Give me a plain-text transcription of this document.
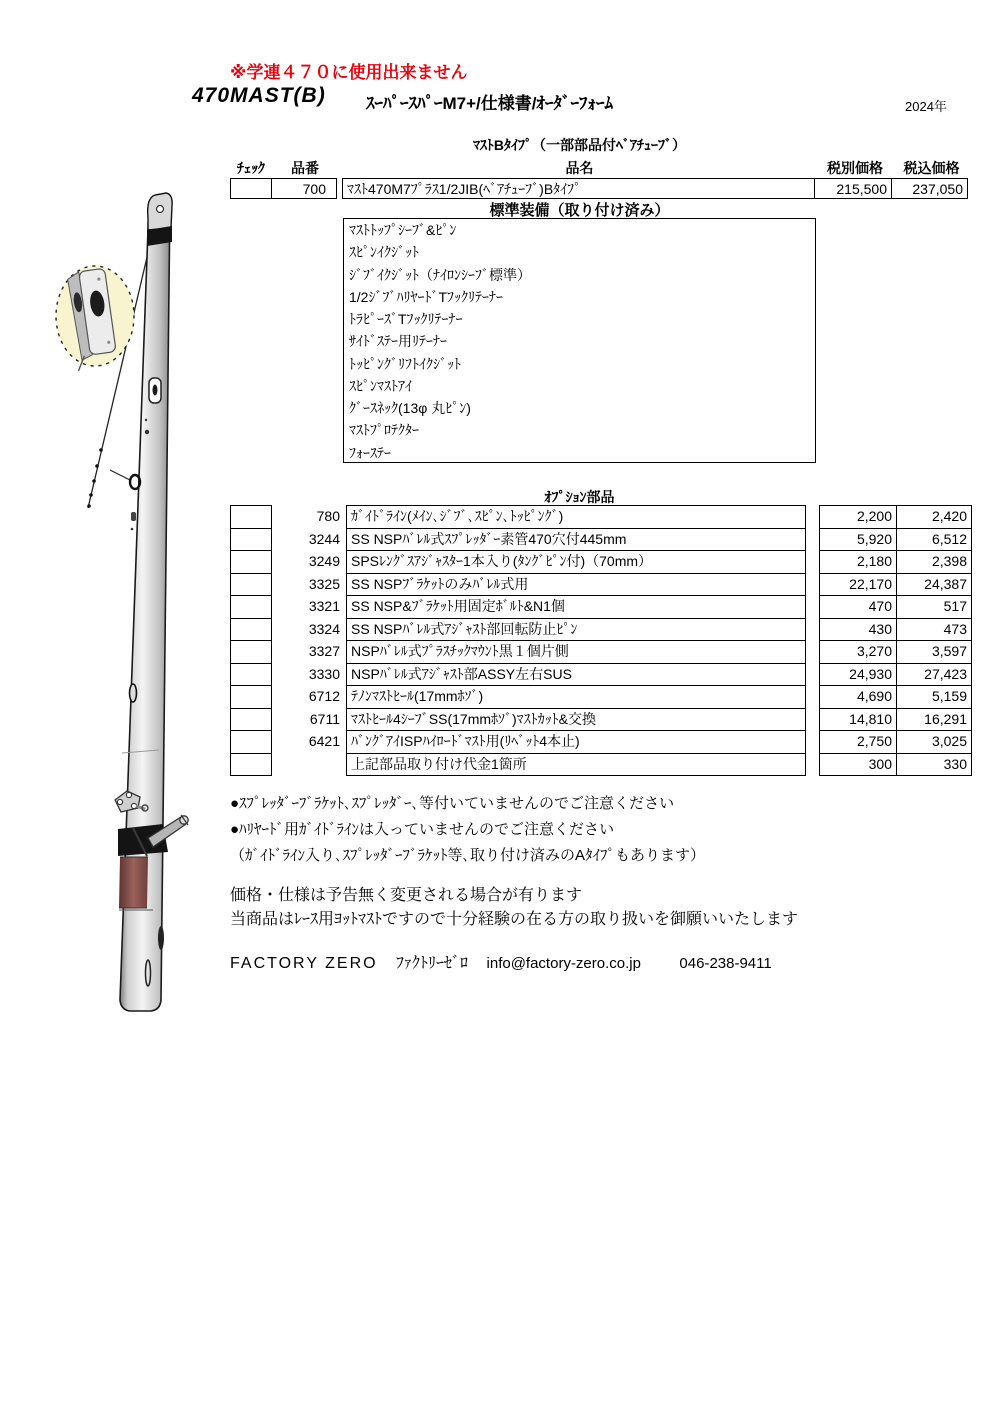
※学連４７０に使用出来ません
470MAST(B) ｽｰﾊﾟｰｽﾊﾟｰM7+/仕様書/ｵｰﾀﾞｰﾌｫｰﾑ	2024年
ﾏｽﾄBﾀｲﾌﾟ（一部部品付ﾍﾞｱﾁｭｰﾌﾞ）
ﾁｪｯｸ	品番	品名	税別価格	税込価格
700	ﾏｽﾄ470M7ﾌﾟﾗｽ1/2JIB(ﾍﾞｱﾁｭｰﾌﾞ)Bﾀｲﾌﾟ	215,500	237,050
標準装備（取り付け済み）
ﾏｽﾄﾄｯﾌﾟｼｰﾌﾞ&ﾋﾟﾝ
ｽﾋﾟﾝｲｸｼﾞｯﾄ
ｼﾞﾌﾞｲｸｼﾞｯﾄ（ﾅｲﾛﾝｼｰﾌﾞ標準）
1/2ｼﾞﾌﾞﾊﾘﾔｰﾄﾞTﾌｯｸﾘﾃｰﾅｰ
ﾄﾗﾋﾟｰｽﾞTﾌｯｸﾘﾃｰﾅｰ
ｻｲﾄﾞｽﾃｰ用ﾘﾃｰﾅｰ
ﾄｯﾋﾟﾝｸﾞﾘﾌﾄｲｸｼﾞｯﾄ
ｽﾋﾟﾝﾏｽﾄｱｲ
ｸﾞｰｽﾈｯｸ(13φ 丸ﾋﾟﾝ)
ﾏｽﾄﾌﾟﾛﾃｸﾀｰ
ﾌｫｰｽﾃｰ
ｵﾌﾟｼｮﾝ部品
780 ｶﾞｲﾄﾞﾗｲﾝ(ﾒｲﾝ､ｼﾞﾌﾞ､ｽﾋﾟﾝ､ﾄｯﾋﾟﾝｸﾞ)	2,200	2,420
3244 SS NSPﾊﾞﾚﾙ式ｽﾌﾟﾚｯﾀﾞｰ素管470穴付445mm	5,920	6,512
3249 SPSﾚﾝｸﾞｽｱｼﾞｬｽﾀｰ1本入り(ﾀﾝｸﾞﾋﾟﾝ付)（70mm）	2,180	2,398
3325 SS NSPﾌﾞﾗｹｯﾄのみﾊﾞﾚﾙ式用	22,170	24,387
3321 SS NSP&ﾌﾞﾗｹｯﾄ用固定ﾎﾞﾙﾄ&N1個	470	517
3324 SS NSPﾊﾞﾚﾙ式ｱｼﾞｬｽﾄ部回転防止ﾋﾟﾝ	430	473
3327 NSPﾊﾞﾚﾙ式ﾌﾟﾗｽﾁｯｸﾏｳﾝﾄ黒１個片側	3,270	3,597
3330 NSPﾊﾞﾚﾙ式ｱｼﾞｬｽﾄ部ASSY左右SUS	24,930	27,423
6712 ﾃﾉﾝﾏｽﾄﾋｰﾙ(17mmﾎｿﾞ)	4,690	5,159
6711 ﾏｽﾄﾋｰﾙ4ｼｰﾌﾞSS(17mmﾎｿﾞ)ﾏｽﾄｶｯﾄ&交換	14,810	16,291
6421 ﾊﾞﾝｸﾞｱｲISPﾊｲﾛｰﾄﾞﾏｽﾄ用(ﾘﾍﾞｯﾄ4本止)	2,750	3,025
上記部品取り付け代金1箇所	300	330
●ｽﾌﾟﾚｯﾀﾞｰﾌﾞﾗｹｯﾄ､ｽﾌﾟﾚｯﾀﾞｰ､等付いていませんのでご注意ください
●ﾊﾘﾔｰﾄﾞ用ｶﾞｲﾄﾞﾗｲﾝは入っていませんのでご注意ください
（ｶﾞｲﾄﾞﾗｲﾝ入り､ｽﾌﾟﾚｯﾀﾞｰﾌﾞﾗｹｯﾄ等､取り付け済みのAﾀｲﾌﾟもあります）
価格・仕様は予告無く変更される場合が有ります
当商品はﾚｰｽ用ﾖｯﾄﾏｽﾄですので十分経験の在る方の取り扱いを御願いいたします
FACTORY ZERO ﾌｧｸﾄﾘｰｾﾞﾛ info@factory-zero.co.jp	046-238-9411
